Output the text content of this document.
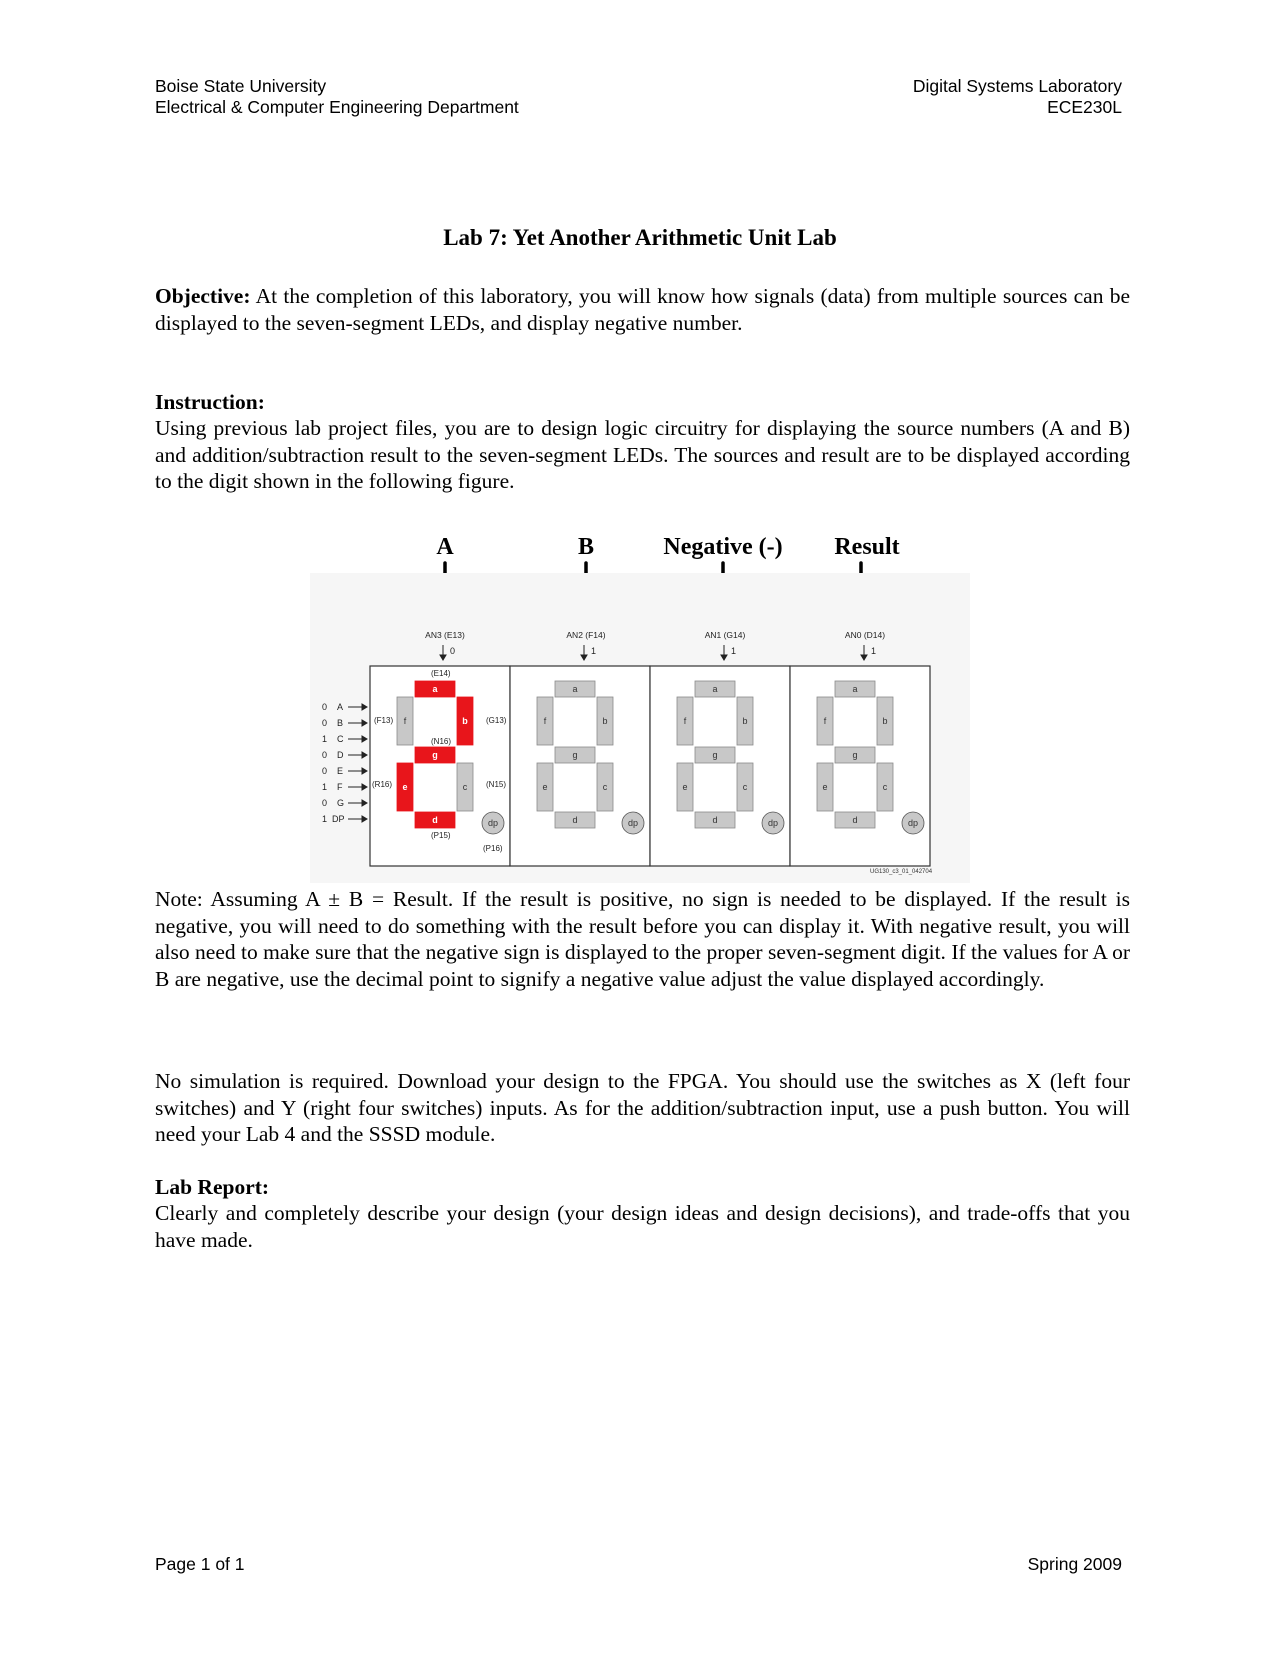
Boise State University
Electrical & Computer Engineering Department
Digital Systems Laboratory
ECE230L
Lab 7: Yet Another Arithmetic Unit Lab
Objective: At the completion of this laboratory, you will know how signals (data) from multiple sources can be displayed to the seven-segment LEDs, and display negative number.
Instruction:
Using previous lab project files, you are to design logic circuitry for displaying the source numbers (A and B) and addition/subtraction result to the seven-segment LEDs. The sources and result are to be displayed according to the digit shown in the following figure.
A	B	Negative (-) Result
AN3 (E13)	AN2 (F14)	AN1 (G14)	AN0 (D14)
0	1	1	1
0 A
0 B
1 C
0 D
0 E
1 F
0 G
1 DP
(E14)
(G13)
(N15)
(P15)
(R16)
(F13)
(N16)
(P16)
a
b
c
d
e
f
g
dp
a
b
c
d
e
f
g
dp
a
b
c
d
e
f
g
dp
a
b
c
d
e
f
g
dp
UG130_c3_01_042704
Note: Assuming A ± B = Result. If the result is positive, no sign is needed to be displayed. If the result is negative, you will need to do something with the result before you can display it. With negative result, you will also need to make sure that the negative sign is displayed to the proper seven-segment digit. If the values for A or B are negative, use the decimal point to signify a negative value adjust the value displayed accordingly.
No simulation is required. Download your design to the FPGA. You should use the switches as X (left four switches) and Y (right four switches) inputs. As for the addition/subtraction input, use a push button. You will need your Lab 4 and the SSSD module.
Lab Report:
Clearly and completely describe your design (your design ideas and design decisions), and trade-offs that you have made.
Page 1 of 1	Spring 2009
